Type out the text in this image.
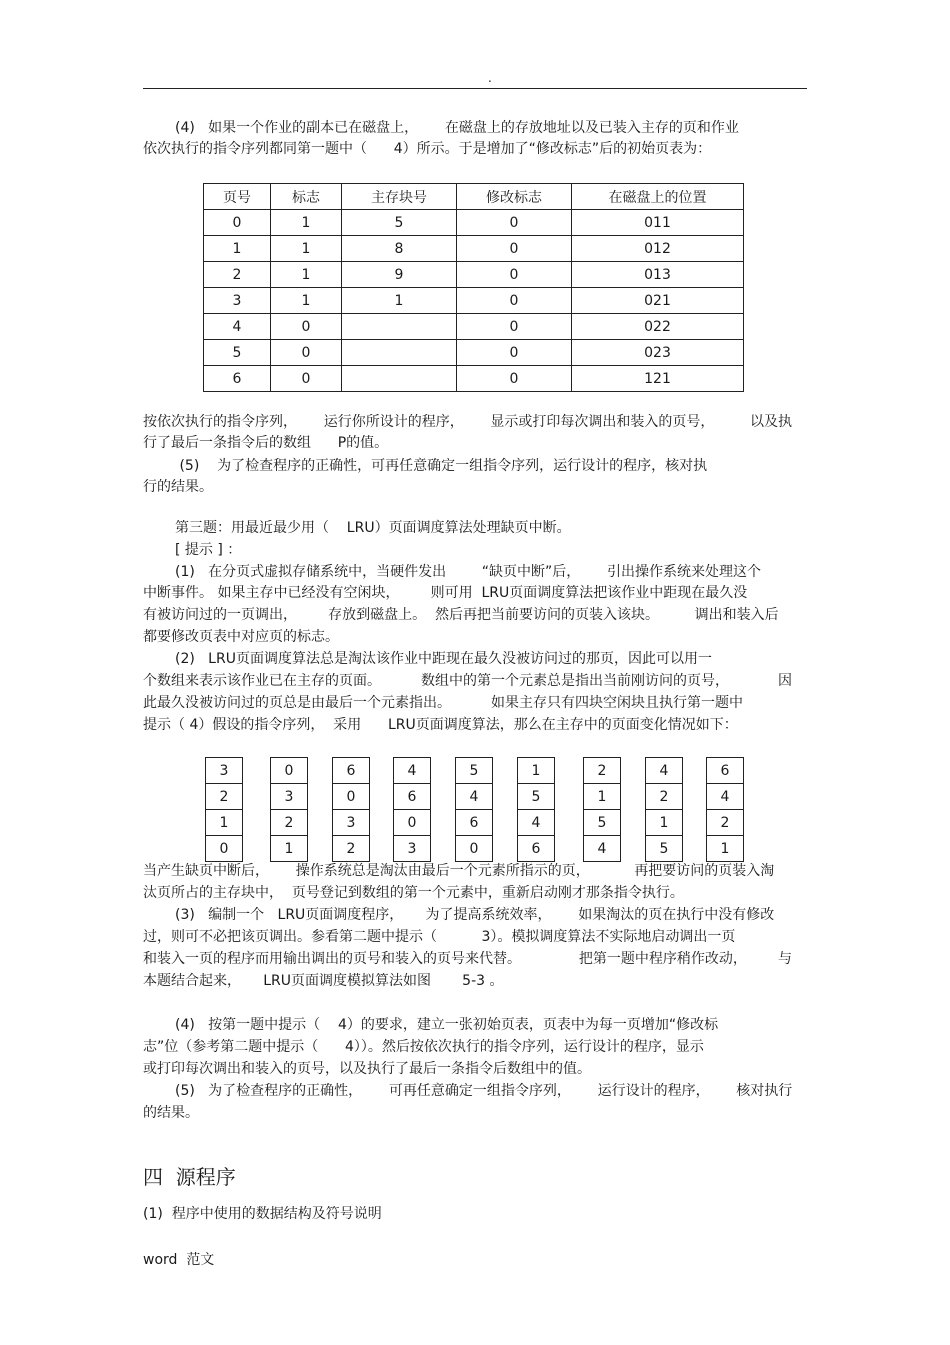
.
(4)   如果一个作业的副本已在磁盘上，      在磁盘上的存放地址以及已装入主存的页和作业
依次执行的指令序列都同第一题中（      4）所示。于是增加了“修改标志”后的初始页表为：
页号	标志	主存块号	修改标志	在磁盘上的位置
0	1	5	0	011
1	1	8	0	012
2	1	9	0	013
3	1	1	0	021
4	0		0	022
5	0		0	023
6	0		0	121
按依次执行的指令序列，      运行你所设计的程序，      显示或打印每次调出和装入的页号，        以及执
行了最后一条指令后的数组      P的值。
(5)    为了检查程序的正确性，可再任意确定一组指令序列，运行设计的程序，核对执
行的结果。
第三题：用最近最少用（    LRU）页面调度算法处理缺页中断。
[ 提示 ] ：
(1)   在分页式虚拟存储系统中，当硬件发出        “缺页中断”后，      引出操作系统来处理这个
中断事件。 如果主存中已经没有空闲块，       则可用  LRU页面调度算法把该作业中距现在最久没
有被访问过的一页调出，       存放到磁盘上。  然后再把当前要访问的页装入该块。        调出和装入后
都要修改页表中对应页的标志。
(2)   LRU页面调度算法总是淘汰该作业中距现在最久没被访问过的那页，因此可以用一
个数组来表示该作业已在主存的页面。         数组中的第一个元素总是指出当前刚访问的页号，           因
此最久没被访问过的页总是由最后一个元素指出。         如果主存只有四块空闲块且执行第一题中
提示（ 4）假设的指令序列，  采用      LRU页面调度算法，那么在主存中的页面变化情况如下：
3
2
1
0
0
3
2
1
6
0
3
2
4
6
0
3
5
4
6
0
1
5
4
6
2
1
5
4
4
2
1
5
6
4
2
1
当产生缺页中断后，      操作系统总是淘汰由最后一个元素所指示的页，          再把要访问的页装入淘
汰页所占的主存块中，  页号登记到数组的第一个元素中，重新启动刚才那条指令执行。
(3)   编制一个   LRU页面调度程序，     为了提高系统效率，      如果淘汰的页在执行中没有修改
过，则可不必把该页调出。参看第二题中提示（          3）。模拟调度算法不实际地启动调出一页
和装入一页的程序而用输出调出的页号和装入的页号来代替。             把第一题中程序稍作改动，       与
本题结合起来，     LRU页面调度模拟算法如图       5-3 。
(4)   按第一题中提示（    4）的要求，建立一张初始页表，页表中为每一页增加“修改标
志”位（参考第二题中提示（      4））。然后按依次执行的指令序列，运行设计的程序，显示
或打印每次调出和装入的页号，以及执行了最后一条指令后数组中的值。
(5)   为了检查程序的正确性，      可再任意确定一组指令序列，      运行设计的程序，      核对执行
的结果。
四  源程序
(1)  程序中使用的数据结构及符号说明
word  范文
